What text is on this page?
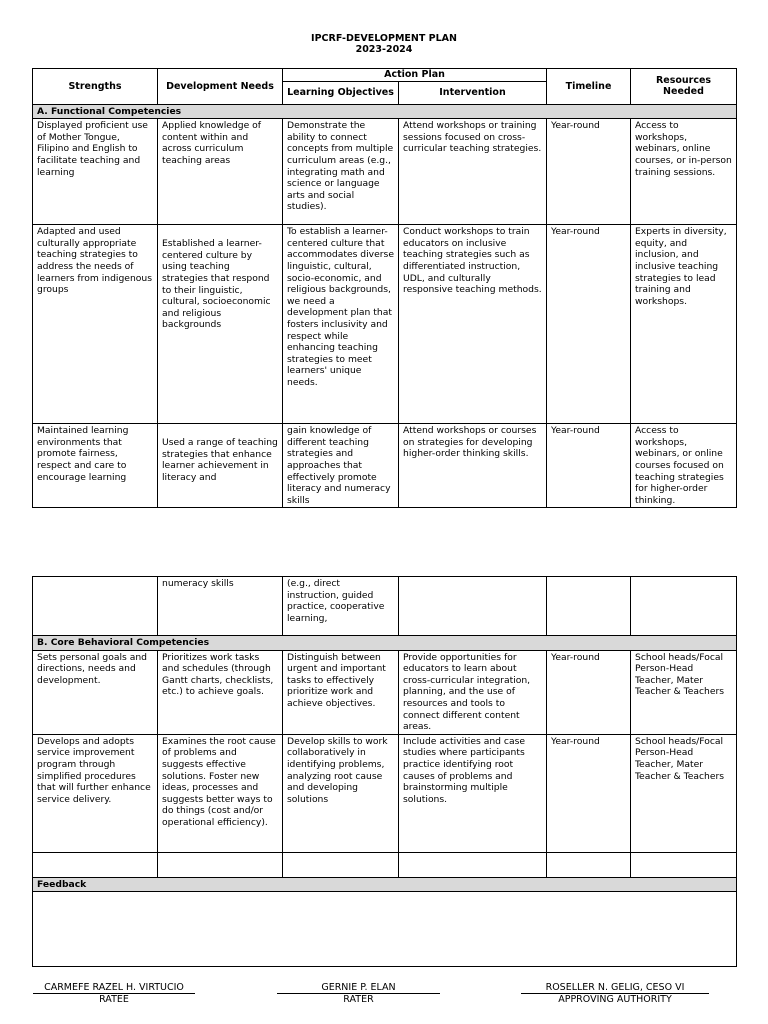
IPCRF-DEVELOPMENT PLAN
2023-2024
Strengths	Development Needs	Action Plan		Timeline	Resources Needed
		Learning Objectives	Intervention		
A. Functional Competencies					
Displayed proficient use of Mother Tongue, Filipino and English to facilitate teaching and learning	Applied knowledge of content within and across curriculum teaching areas	Demonstrate the ability to connect concepts from multiple curriculum areas (e.g., integrating math and science or language arts and social studies).	Attend workshops or training sessions focused on cross-curricular teaching strategies.	Year-round	Access to workshops, webinars, online courses, or in-person training sessions.
Adapted and used culturally appropriate teaching strategies to address the needs of learners from indigenous groups	Established a learner- centered culture by using teaching strategies that respond to their linguistic, cultural, socioeconomic and religious backgrounds	To establish a learner-centered culture that accommodates diverse linguistic, cultural, socio-economic, and religious backgrounds, we need a development plan that fosters inclusivity and respect while enhancing teaching strategies to meet learners' unique needs.	Conduct workshops to train educators on inclusive teaching strategies such as differentiated instruction, UDL, and culturally responsive teaching methods.	Year-round	Experts in diversity, equity, and inclusion, and inclusive teaching strategies to lead training and workshops.
Maintained learning environments that promote fairness, respect and care to encourage learning	Used a range of teaching strategies that enhance learner achievement in literacy and	gain knowledge of different teaching strategies and approaches that effectively promote literacy and numeracy skills	Attend workshops or courses on strategies for developing higher-order thinking skills.	Year-round	Access to workshops, webinars, or online courses focused on teaching strategies for higher-order thinking.
	numeracy skills	(e.g., direct instruction, guided practice, cooperative learning,			
B. Core Behavioral Competencies					
Sets personal goals and directions, needs and development.	Prioritizes work tasks and schedules (through Gantt charts, checklists, etc.) to achieve goals.	Distinguish between urgent and important tasks to effectively prioritize work and achieve objectives.	Provide opportunities for educators to learn about cross-curricular integration, planning, and the use of resources and tools to connect different content areas.	Year-round	School heads/Focal Person-Head Teacher, Mater Teacher & Teachers
Develops and adopts service improvement program through simplified procedures that will further enhance service delivery.	Examines the root cause of problems and suggests effective solutions. Foster new ideas, processes and suggests better ways to do things (cost and/or operational efficiency).	Develop skills to work collaboratively in identifying problems, analyzing root cause and developing solutions	Include activities and case studies where participants practice identifying root causes of problems and brainstorming multiple solutions.	Year-round	School heads/Focal Person-Head Teacher, Mater Teacher & Teachers

Feedback					

CARMEFE RAZEL H. VIRTUCIO
RATEE
GERNIE P. ELAN
RATER
ROSELLER N. GELIG, CESO VI
APPROVING AUTHORITY
